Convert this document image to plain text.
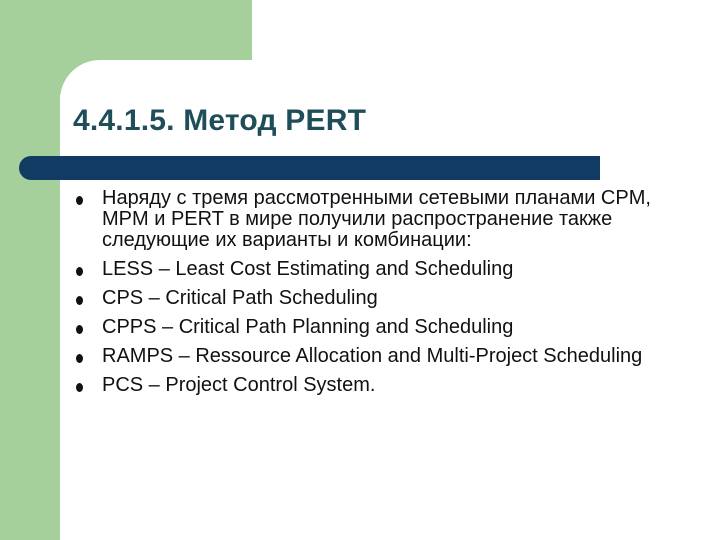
4.4.1.5. Метод PERT
Наряду с тремя рассмотренными сетевыми планами CPM, MPM и PERT в мире получили распространение также следующие их варианты и комбинации:
LESS – Least Cost Estimating and Scheduling
CPS – Critical Path Scheduling
CPPS – Critical Path Planning and Scheduling
RAMPS – Ressource Allocation and Multi-Project Scheduling
PCS – Project Control System.
